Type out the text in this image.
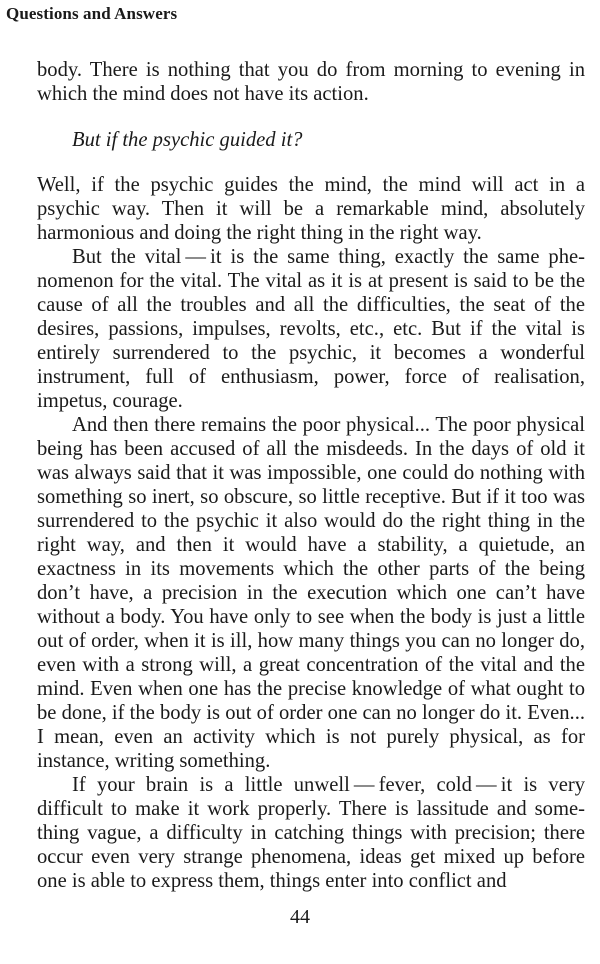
Questions and Answers

body. There is nothing that you do from morning to evening in which the mind does not have its action.

But if the psychic guided it?

Well, if the psychic guides the mind, the mind will act in a psychic way. Then it will be a remarkable mind, absolutely harmonious and doing the right thing in the right way.

But the vital — it is the same thing, exactly the same phenomenon for the vital. The vital as it is at present is said to be the cause of all the troubles and all the difficulties, the seat of the desires, passions, impulses, revolts, etc., etc. But if the vital is entirely surrendered to the psychic, it becomes a wonderful instrument, full of enthusiasm, power, force of realisation, impetus, courage.

And then there remains the poor physical... The poor physical being has been accused of all the misdeeds. In the days of old it was always said that it was impossible, one could do nothing with something so inert, so obscure, so little receptive. But if it too was surrendered to the psychic it also would do the right thing in the right way, and then it would have a stability, a quietude, an exactness in its movements which the other parts of the being don’t have, a precision in the execution which one can’t have without a body. You have only to see when the body is just a little out of order, when it is ill, how many things you can no longer do, even with a strong will, a great concentration of the vital and the mind. Even when one has the precise knowledge of what ought to be done, if the body is out of order one can no longer do it. Even... I mean, even an activity which is not purely physical, as for instance, writing something.

If your brain is a little unwell — fever, cold — it is very difficult to make it work properly. There is lassitude and something vague, a difficulty in catching things with precision; there occur even very strange phenomena, ideas get mixed up before one is able to express them, things enter into conflict and

44
